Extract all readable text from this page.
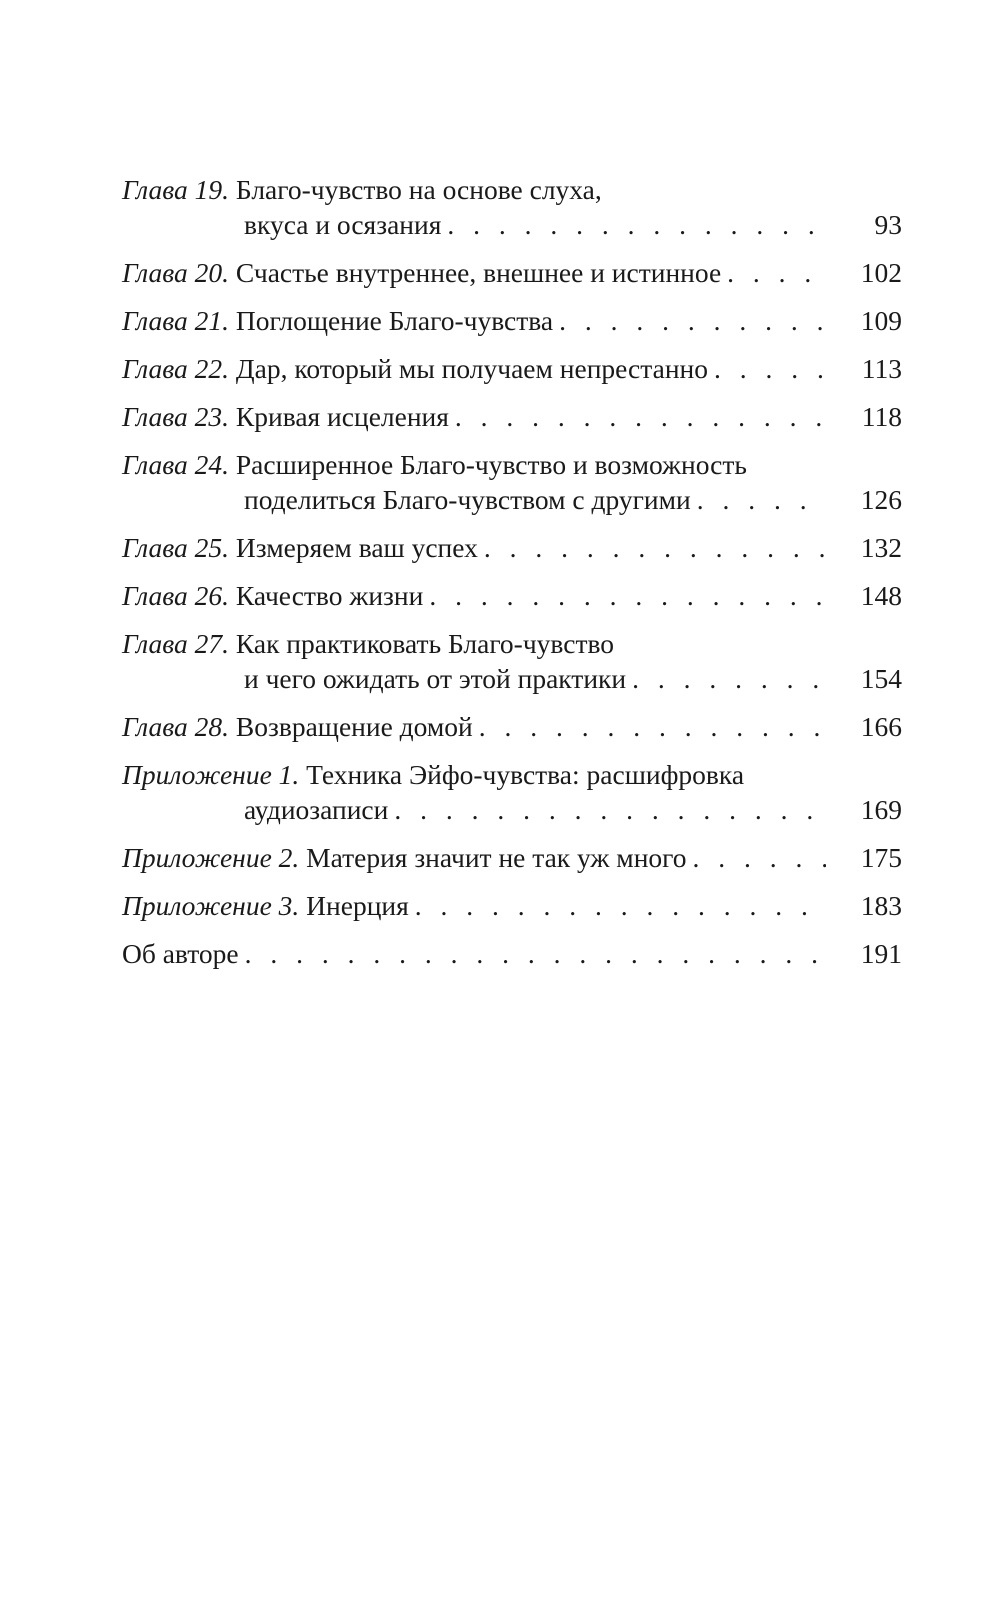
Глава 19. Благо-чувство на основе слуха,
вкуса и осязания . . .	93
Глава 20. Счастье внутреннее, внешнее и истинное . . .	102
Глава 21. Поглощение Благо-чувства . . .	109
Глава 22. Дар, который мы получаем непрестанно . . .	113
Глава 23. Кривая исцеления . . .	118
Глава 24. Расширенное Благо-чувство и возможность
поделиться Благо-чувством с другими . . .	126
Глава 25. Измеряем ваш успех . . .	132
Глава 26. Качество жизни . . .	148
Глава 27. Как практиковать Благо-чувство
и чего ожидать от этой практики . . .	154
Глава 28. Возвращение домой . . .	166
Приложение 1. Техника Эйфо-чувства: расшифровка
аудиозаписи . . .	169
Приложение 2. Материя значит не так уж много . . .	175
Приложение 3. Инерция . . .	183
Об авторе . . .	191
